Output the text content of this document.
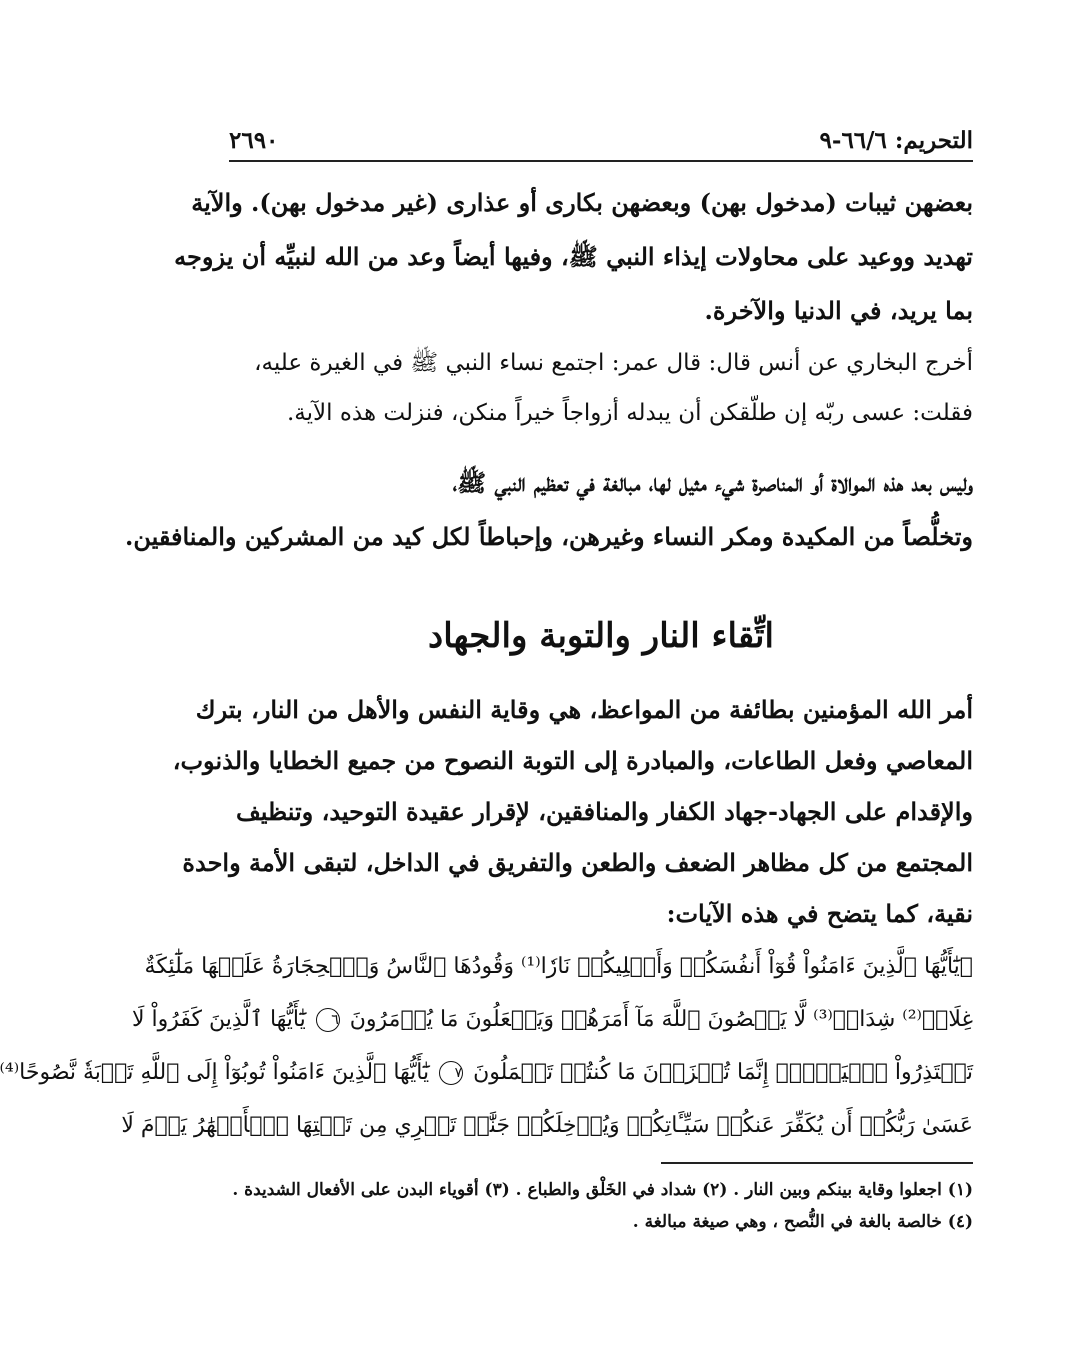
التحريم: ٦٦/٦-٩
٢٦٩٠
بعضهن ثيبات (مدخول بهن) وبعضهن بكارى أو عذارى (غير مدخول بهن). والآية
تهديد ووعيد على محاولات إيذاء النبي ﷺ، وفيها أيضاً وعد من الله لنبيِّه أن يزوجه
بما يريد، في الدنيا والآخرة.
أخرج البخاري عن أنس قال: قال عمر: اجتمع نساء النبي ﷺ في الغيرة عليه،
فقلت: عسى ربّه إن طلّقكن أن يبدله أزواجاً خيراً منكن، فنزلت هذه الآية.
وليس بعد هذه الموالاة أو المناصرة شيء مثيل لها، مبالغة في تعظيم النبي ﷺ،
وتخلُّصاً من المكيدة ومكر النساء وغيرهن، وإحباطاً لكل كيد من المشركين والمنافقين.
اتِّقاء النار والتوبة والجهاد
أمر الله المؤمنين بطائفة من المواعظ، هي وقاية النفس والأهل من النار، بترك
المعاصي وفعل الطاعات، والمبادرة إلى التوبة النصوح من جميع الخطايا والذنوب،
والإقدام على الجهاد-جهاد الكفار والمنافقين، لإقرار عقيدة التوحيد، وتنظيف
المجتمع من كل مظاهر الضعف والطعن والتفريق في الداخل، لتبقى الأمة واحدة
نقية، كما يتضح في هذه الآيات:
﴿يَٰٓأَيُّهَا ٱلَّذِينَ ءَامَنُواْ قُوٓاْ أَنفُسَكُمۡ وَأَهۡلِيكُمۡ نَارٗا⁽¹⁾ وَقُودُهَا ٱلنَّاسُ وَٱلۡحِجَارَةُ عَلَيۡهَا مَلَٰٓئِكَةٌ
غِلَاظٞ⁽²⁾ شِدَادٞ⁽³⁾ لَّا يَعۡصُونَ ٱللَّهَ مَآ أَمَرَهُمۡ وَيَفۡعَلُونَ مَا يُؤۡمَرُونَ ٦ يَٰٓأَيُّهَا ٱلَّذِينَ كَفَرُواْ لَا
تَعۡتَذِرُواْ ٱلۡيَوۡمَۖ إِنَّمَا تُجۡزَوۡنَ مَا كُنتُمۡ تَعۡمَلُونَ ٧ يَٰٓأَيُّهَا ٱلَّذِينَ ءَامَنُواْ تُوبُوٓاْ إِلَى ٱللَّهِ تَوۡبَةٗ نَّصُوحًا⁽⁴⁾
عَسَىٰ رَبُّكُمۡ أَن يُكَفِّرَ عَنكُمۡ سَيِّـَٔاتِكُمۡ وَيُدۡخِلَكُمۡ جَنَّٰتٖ تَجۡرِي مِن تَحۡتِهَا ٱلۡأَنۡهَٰرُ يَوۡمَ لَا
(١) اجعلوا وقاية بينكم وبين النار . (٢) شداد في الخَلْق والطباع . (٣) أقوياء البدن على الأفعال الشديدة .
(٤) خالصة بالغة في النُّصح ، وهي صيغة مبالغة .
